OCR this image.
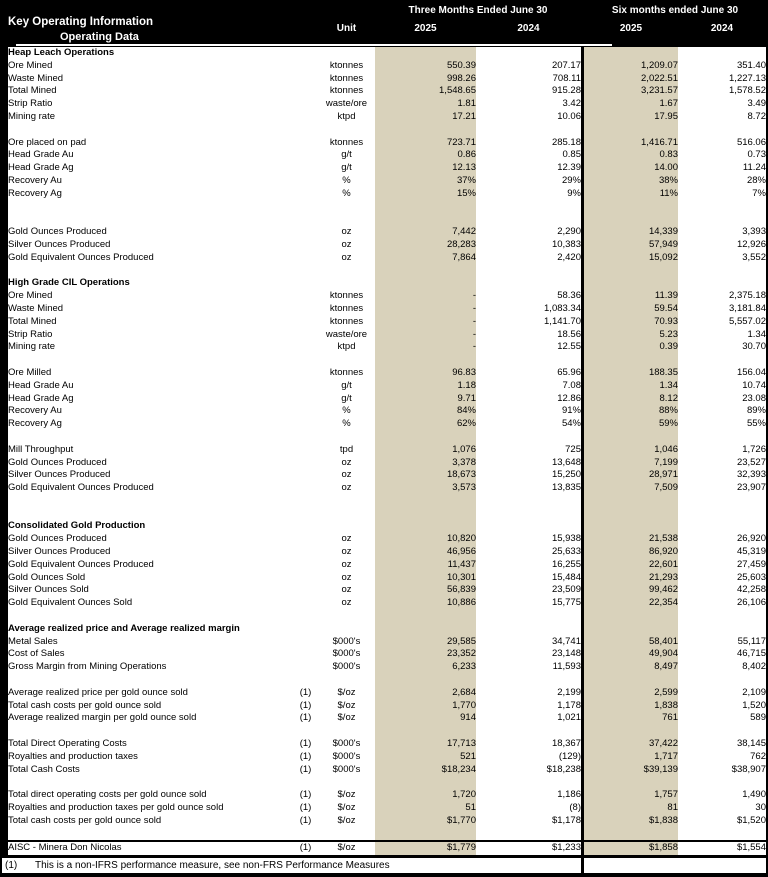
Key Operating Information
Operating Data
Unit
Three Months Ended June 30	Six months ended June 30
2025	2024	2025	2024
Heap Leach Operations						
Ore Mined		ktonnes	550.39	207.17	1,209.07	351.40
Waste Mined		ktonnes	998.26	708.11	2,022.51	1,227.13
Total Mined		ktonnes	1,548.65	915.28	3,231.57	1,578.52
Strip Ratio		waste/ore	1.81	3.42	1.67	3.49
Mining rate		ktpd	17.21	10.06	17.95	8.72

Ore placed on pad		ktonnes	723.71	285.18	1,416.71	516.06
Head Grade Au		g/t	0.86	0.85	0.83	0.73
Head Grade Ag		g/t	12.13	12.39	14.00	11.24
Recovery Au		%	37%	29%	38%	28%
Recovery Ag		%	15%	9%	11%	7%

Gold Ounces Produced		oz	7,442	2,290	14,339	3,393
Silver Ounces Produced		oz	28,283	10,383	57,949	12,926
Gold Equivalent Ounces Produced		oz	7,864	2,420	15,092	3,552

High Grade CIL Operations						
Ore Mined		ktonnes	-	58.36	11.39	2,375.18
Waste Mined		ktonnes	-	1,083.34	59.54	3,181.84
Total Mined		ktonnes	-	1,141.70	70.93	5,557.02
Strip Ratio		waste/ore	-	18.56	5.23	1.34
Mining rate		ktpd	-	12.55	0.39	30.70

Ore Milled		ktonnes	96.83	65.96	188.35	156.04
Head Grade Au		g/t	1.18	7.08	1.34	10.74
Head Grade Ag		g/t	9.71	12.86	8.12	23.08
Recovery Au		%	84%	91%	88%	89%
Recovery Ag		%	62%	54%	59%	55%

Mill Throughput		tpd	1,076	725	1,046	1,726
Gold Ounces Produced		oz	3,378	13,648	7,199	23,527
Silver Ounces Produced		oz	18,673	15,250	28,971	32,393
Gold Equivalent Ounces Produced		oz	3,573	13,835	7,509	23,907

Consolidated Gold Production						
Gold Ounces Produced		oz	10,820	15,938	21,538	26,920
Silver Ounces Produced		oz	46,956	25,633	86,920	45,319
Gold Equivalent Ounces Produced		oz	11,437	16,255	22,601	27,459
Gold Ounces Sold		oz	10,301	15,484	21,293	25,603
Silver Ounces Sold		oz	56,839	23,509	99,462	42,258
Gold Equivalent Ounces Sold		oz	10,886	15,775	22,354	26,106

Average realized price and Average realized margin						
Metal Sales		$000's	29,585	34,741	58,401	55,117
Cost of Sales		$000's	23,352	23,148	49,904	46,715
Gross Margin from Mining Operations		$000's	6,233	11,593	8,497	8,402

Average realized price per gold ounce sold	(1)	$/oz	2,684	2,199	2,599	2,109
Total cash costs per gold ounce sold	(1)	$/oz	1,770	1,178	1,838	1,520
Average realized margin per gold ounce sold	(1)	$/oz	914	1,021	761	589

Total Direct Operating Costs	(1)	$000's	17,713	18,367	37,422	38,145
Royalties and production taxes	(1)	$000's	521	(129)	1,717	762
Total Cash Costs	(1)	$000's	$18,234	$18,238	$39,139	$38,907

Total direct operating costs per gold ounce sold	(1)	$/oz	1,720	1,186	1,757	1,490
Royalties and production taxes per gold ounce sold	(1)	$/oz	51	(8)	81	30
Total cash costs per gold ounce sold	(1)	$/oz	$1,770	$1,178	$1,838	$1,520

AISC - Minera Don Nicolas	(1)	$/oz	$1,779	$1,233	$1,858	$1,554
(1)	This is a non-IFRS performance measure, see non-FRS Performance Measures
